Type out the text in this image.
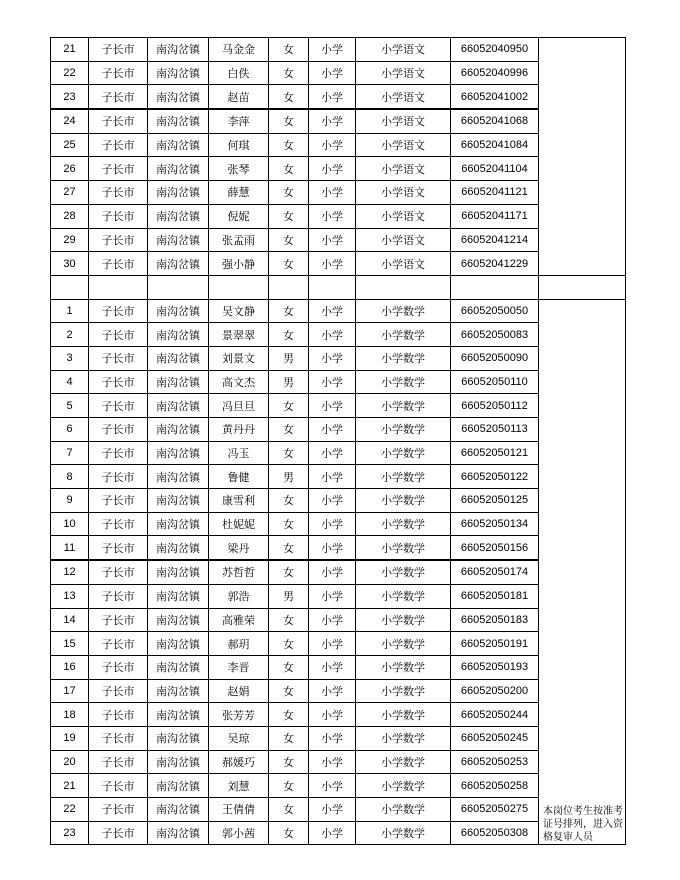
21	子长市	南沟岔镇	马金金	女	小学	小学语文	66052040950	
22	子长市	南沟岔镇	白佚	女	小学	小学语文	66052040996	
23	子长市	南沟岔镇	赵苗	女	小学	小学语文	66052041002	
24	子长市	南沟岔镇	李萍	女	小学	小学语文	66052041068	
25	子长市	南沟岔镇	何琪	女	小学	小学语文	66052041084	
26	子长市	南沟岔镇	张琴	女	小学	小学语文	66052041104	
27	子长市	南沟岔镇	薛慧	女	小学	小学语文	66052041121	
28	子长市	南沟岔镇	倪妮	女	小学	小学语文	66052041171	
29	子长市	南沟岔镇	张孟雨	女	小学	小学语文	66052041214	
30	子长市	南沟岔镇	强小静	女	小学	小学语文	66052041229	

1	子长市	南沟岔镇	吴文静	女	小学	小学数学	66052050050	本岗位考生按准考证号排列，进入资格复审人员
2	子长市	南沟岔镇	景翠翠	女	小学	小学数学	66052050083	
3	子长市	南沟岔镇	刘景文	男	小学	小学数学	66052050090	
4	子长市	南沟岔镇	高文杰	男	小学	小学数学	66052050110	
5	子长市	南沟岔镇	冯旦旦	女	小学	小学数学	66052050112	
6	子长市	南沟岔镇	黄丹丹	女	小学	小学数学	66052050113	
7	子长市	南沟岔镇	冯玉	女	小学	小学数学	66052050121	
8	子长市	南沟岔镇	鲁健	男	小学	小学数学	66052050122	
9	子长市	南沟岔镇	康雪利	女	小学	小学数学	66052050125	
10	子长市	南沟岔镇	杜妮妮	女	小学	小学数学	66052050134	
11	子长市	南沟岔镇	梁丹	女	小学	小学数学	66052050156	
12	子长市	南沟岔镇	苏哲哲	女	小学	小学数学	66052050174	
13	子长市	南沟岔镇	郭浩	男	小学	小学数学	66052050181	
14	子长市	南沟岔镇	高雅荣	女	小学	小学数学	66052050183	
15	子长市	南沟岔镇	郝玥	女	小学	小学数学	66052050191	
16	子长市	南沟岔镇	李晋	女	小学	小学数学	66052050193	
17	子长市	南沟岔镇	赵娟	女	小学	小学数学	66052050200	
18	子长市	南沟岔镇	张芳芳	女	小学	小学数学	66052050244	
19	子长市	南沟岔镇	吴琼	女	小学	小学数学	66052050245	
20	子长市	南沟岔镇	郝媛巧	女	小学	小学数学	66052050253	
21	子长市	南沟岔镇	刘慧	女	小学	小学数学	66052050258	
22	子长市	南沟岔镇	王倩倩	女	小学	小学数学	66052050275	
23	子长市	南沟岔镇	郭小茜	女	小学	小学数学	66052050308	
